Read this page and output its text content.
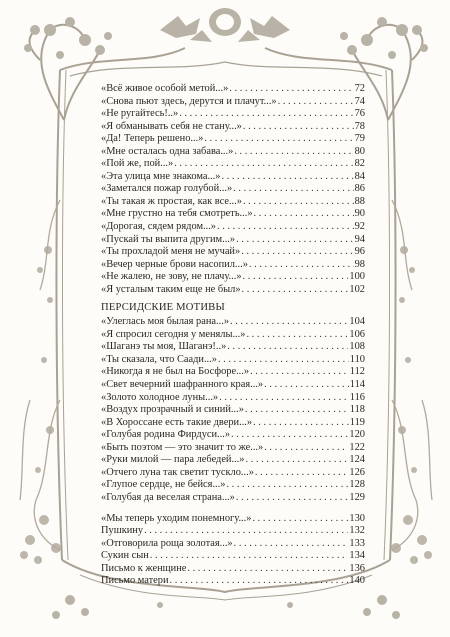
«Всё живое особой метой...» . . .	72
«Снова пьют здесь, дерутся и плачут...» . . .	74
«Не ругайтесь!..» . . .	76
«Я обманывать себя не стану...» . . .	78
«Да! Теперь решено...» . . .	79
«Мне осталась одна забава...» . . .	80
«Пой же, пой...» . . .	82
«Эта улица мне знакома...» . . .	84
«Заметался пожар голубой...» . . .	86
«Ты такая ж простая, как все...» . . .	88
«Мне грустно на тебя смотреть...» . . .	90
«Дорогая, сядем рядом...» . . .	92
«Пускай ты выпита другим...» . . .	94
«Ты прохладой меня не мучай» . . .	96
«Вечер черные брови насопил...» . . .	98
«Не жалею, не зову, не плачу...» . . .	100
«Я усталым таким еще не был» . . .	102
ПЕРСИДСКИЕ МОТИВЫ
«Улеглась моя былая рана...» . . .	104
«Я спросил сегодня у менялы...» . . .	106
«Шаганэ ты моя, Шаганэ!..» . . .	108
«Ты сказала, что Саади...» . . .	110
«Никогда я не был на Босфоре...» . . .	112
«Свет вечерний шафранного края...» . . .	114
«Золото холодное луны...» . . .	116
«Воздух прозрачный и синий...» . . .	118
«В Хороссане есть такие двери...» . . .	119
«Голубая родина Фирдуси...» . . .	120
«Быть поэтом — это значит то же...» . . .	122
«Руки милой — пара лебедей...» . . .	124
«Отчего луна так светит тускло...» . . .	126
«Глупое сердце, не бейся...» . . .	128
«Голубая да веселая страна...» . . .	129
«Мы теперь уходим понемногу...» . . .	130
Пушкину . . .	132
«Отговорила роща золотая...» . . .	133
Сукин сын . . .	134
Письмо к женщине . . .	136
Письмо матери . . .	140
